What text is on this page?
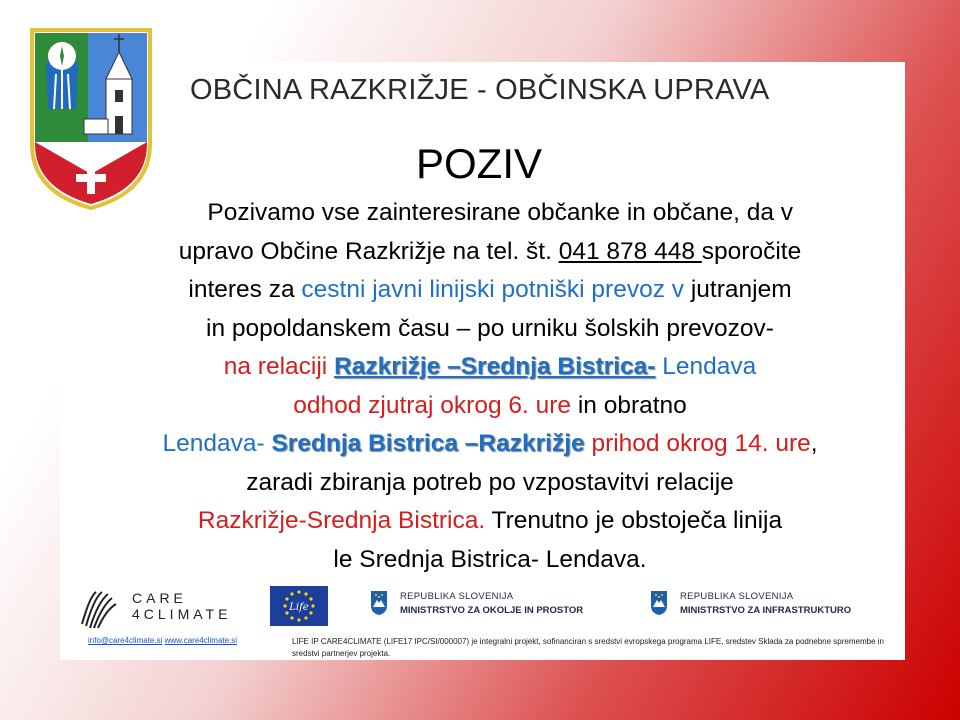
OBČINA RAZKRIŽJE - OBČINSKA UPRAVA
POZIV
Pozivamo vse zainteresirane občanke in občane, da v
upravo Občine Razkrižje na tel. št. 041 878 448 sporočite
interes za cestni javni linijski potniški prevoz v jutranjem
in popoldanskem času – po urniku šolskih prevozov-
na relaciji Razkrižje –Srednja Bistrica- Lendava
odhod zjutraj okrog 6. ure in obratno
Lendava- Srednja Bistrica –Razkrižje prihod okrog 14. ure,
zaradi zbiranja potreb po vzpostavitvi relacije
Razkrižje-Srednja Bistrica. Trenutno je obstoječa linija
le Srednja Bistrica- Lendava.
CARE
4CLIMATE	Life
REPUBLIKA SLOVENIJA
MINISTRSTVO ZA OKOLJE IN PROSTOR
REPUBLIKA SLOVENIJA
MINISTRSTVO ZA INFRASTRUKTURO
info@care4climate.si www.care4climate.si	LIFE IP CARE4CLIMATE (LIFE17 IPC/SI/000007) je integralni projekt, sofinanciran s sredstvi evropskega programa LIFE, sredstev Sklada za podnebne spremembe in sredstvi partnerjev projekta.
